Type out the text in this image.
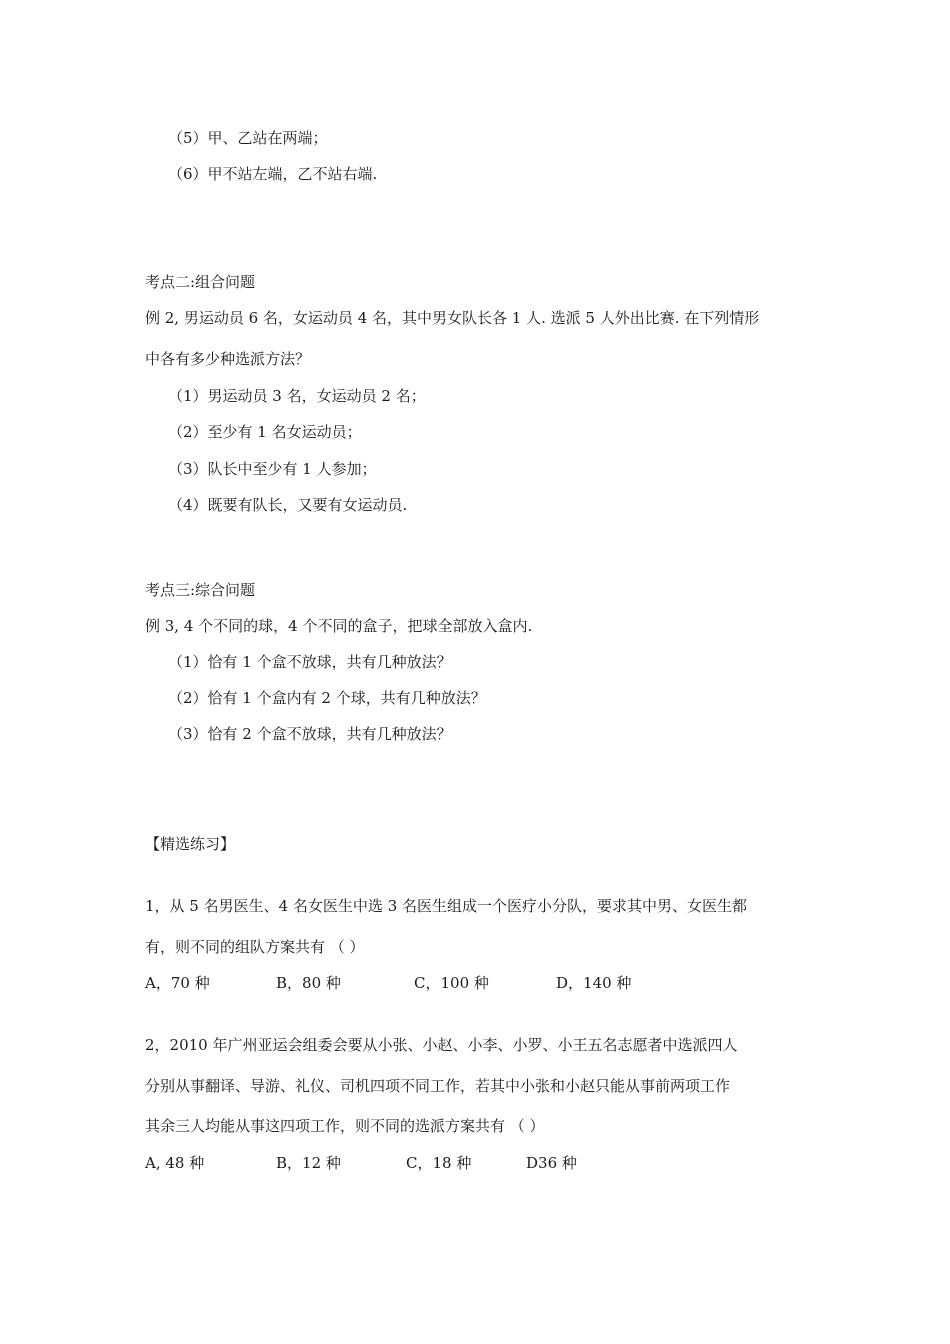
（5）甲、乙站在两端；
（6）甲不站左端，乙不站右端.
考点二:组合问题
例 2, 男运动员 6 名，女运动员 4 名，其中男女队长各 1 人. 选派 5 人外出比赛. 在下列情形
中各有多少种选派方法？
（1）男运动员 3 名，女运动员 2 名；
（2）至少有 1 名女运动员；
（3）队长中至少有 1 人参加；
（4）既要有队长，又要有女运动员.
考点三:综合问题
例 3, 4 个不同的球，4 个不同的盒子，把球全部放入盒内.
（1）恰有 1 个盒不放球，共有几种放法？
（2）恰有 1 个盒内有 2 个球，共有几种放法？
（3）恰有 2 个盒不放球，共有几种放法？
【精选练习】
1，从 5 名男医生、4 名女医生中选 3 名医生组成一个医疗小分队，要求其中男、女医生都
有，则不同的组队方案共有 （ ）
A，70 种	B，80 种	C，100 种	D，140 种
2，2010 年广州亚运会组委会要从小张、小赵、小李、小罗、小王五名志愿者中选派四人
分别从事翻译、导游、礼仪、司机四项不同工作，若其中小张和小赵只能从事前两项工作
其余三人均能从事这四项工作，则不同的选派方案共有 （ ）
A, 48 种	B，12 种	C，18 种	D36 种
